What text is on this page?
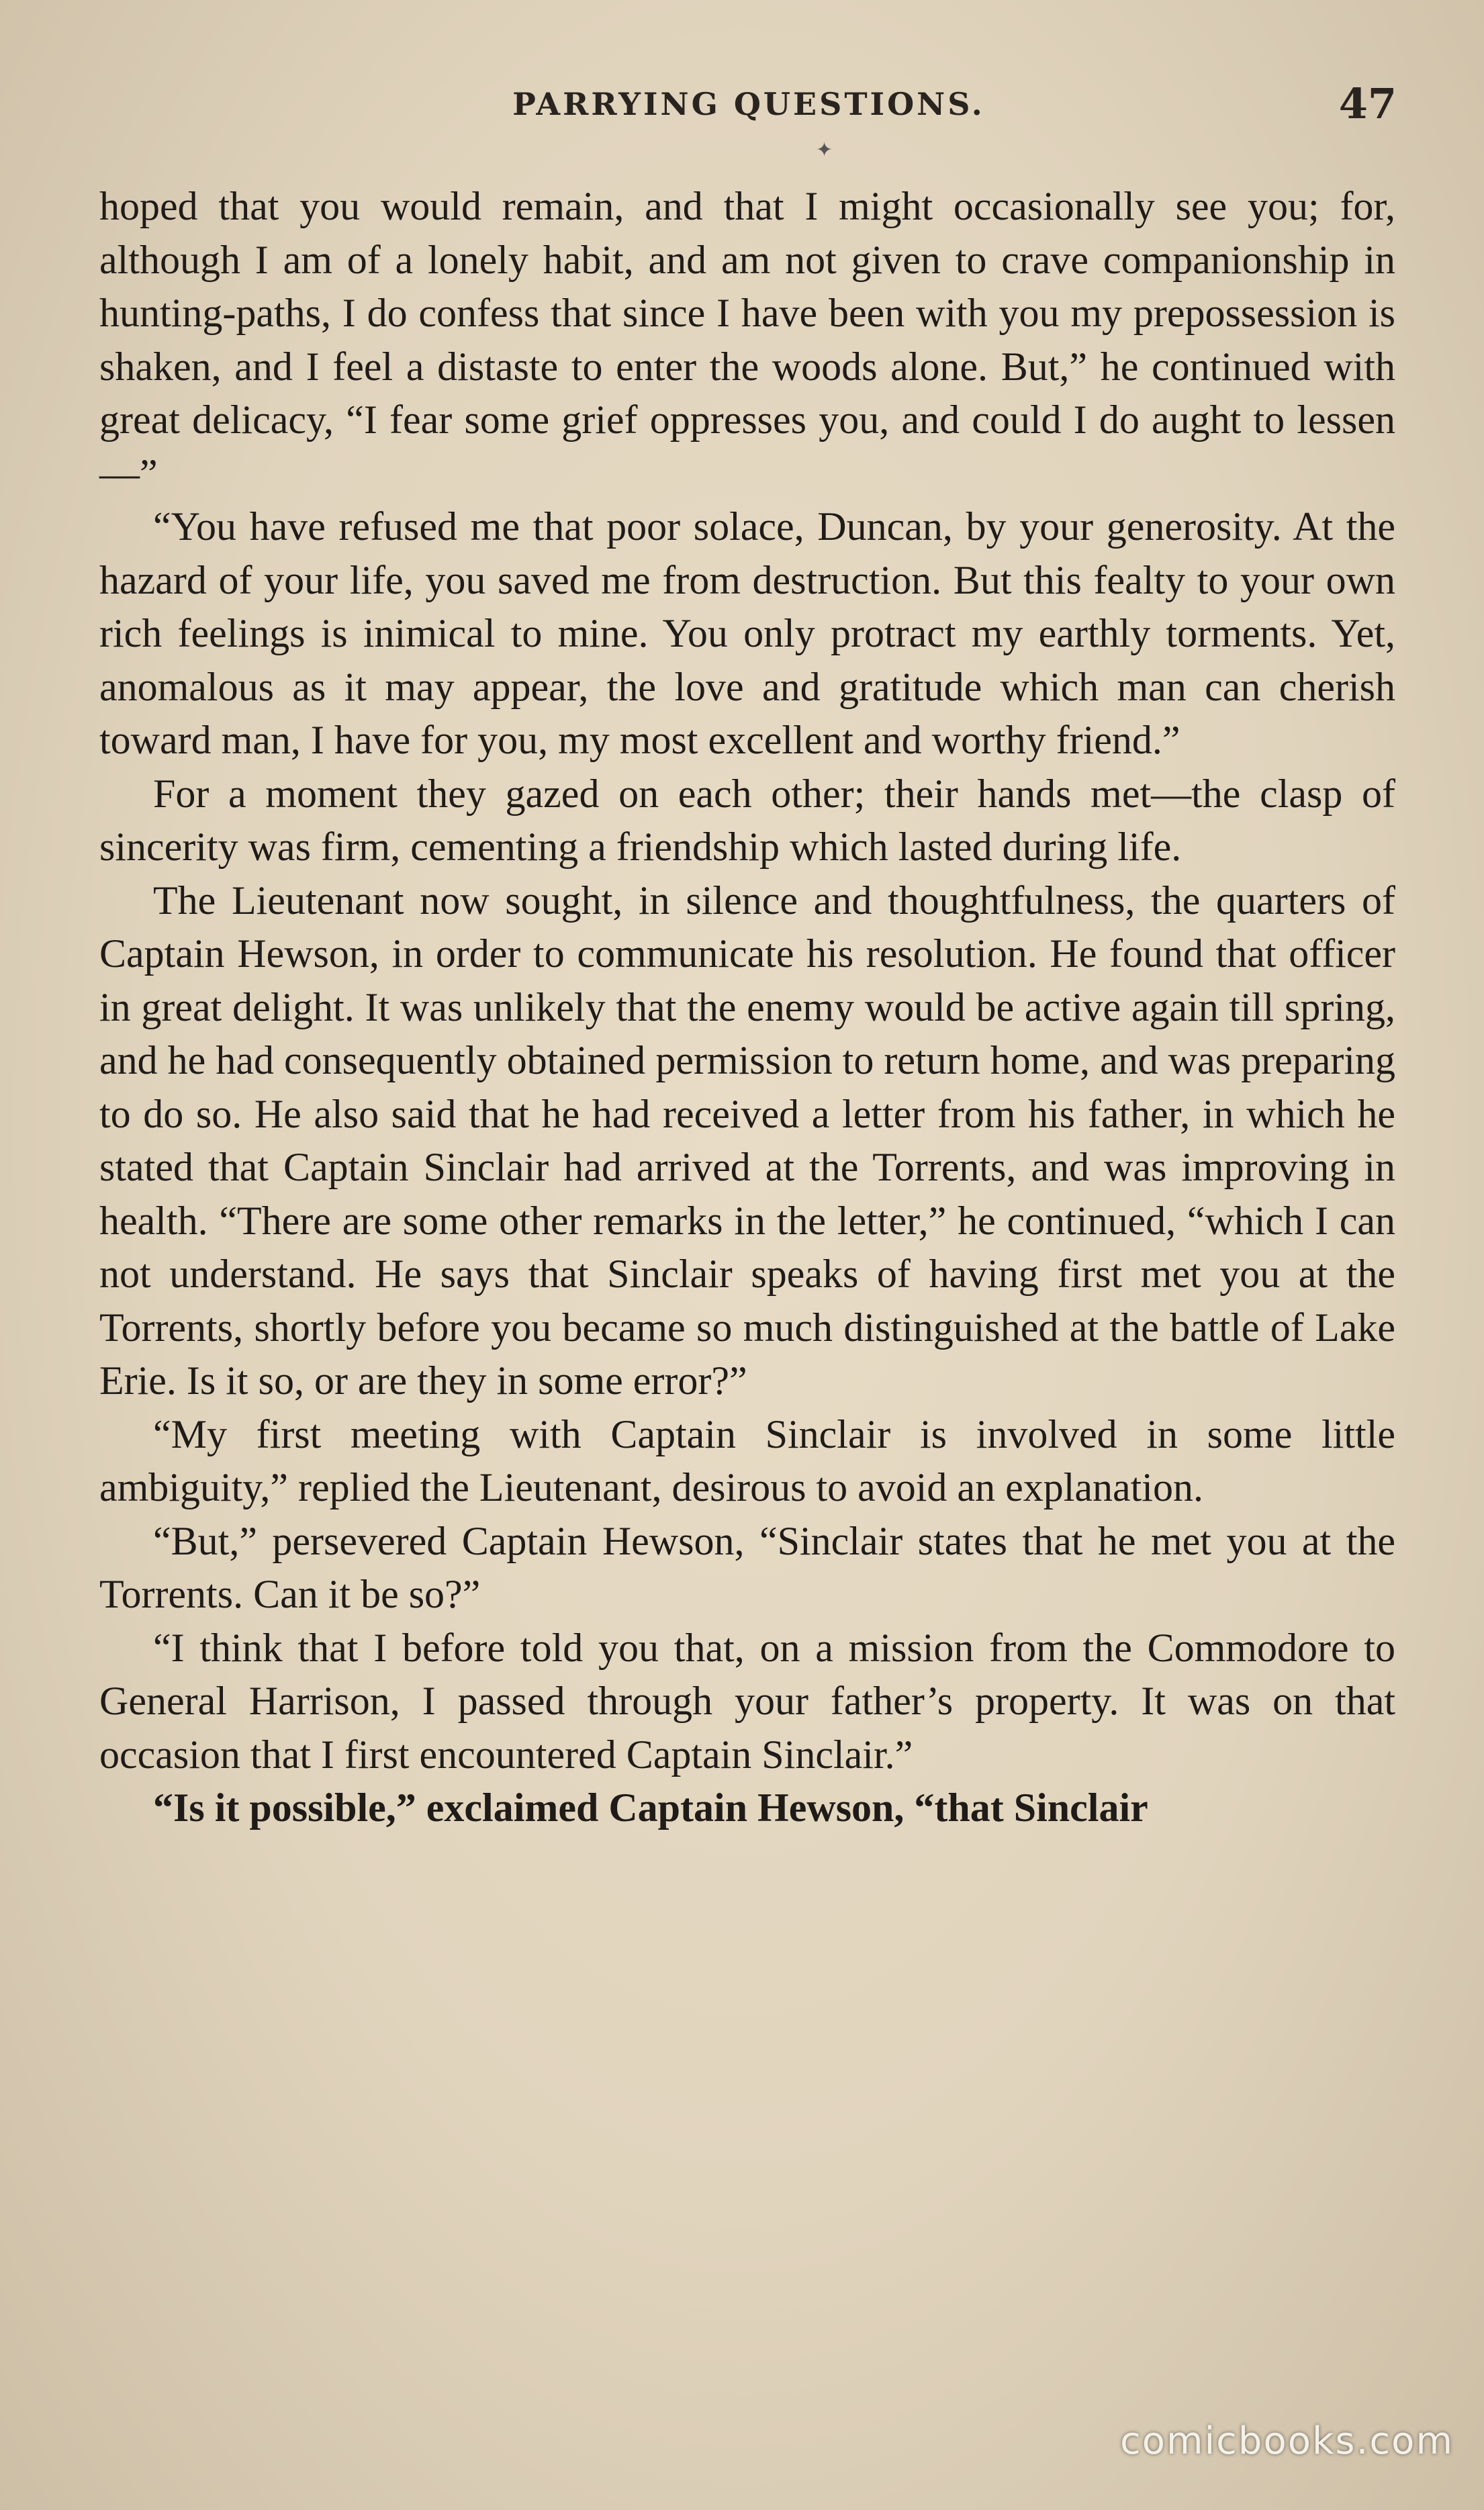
PARRYING QUESTIONS.	47
✦

hoped that you would remain, and that I might occasionally see you; for, although I am of a lonely habit, and am not given to crave companionship in hunting-paths, I do confess that since I have been with you my prepossession is shaken, and I feel a distaste to enter the woods alone. But,” he continued with great delicacy, “I fear some grief oppresses you, and could I do aught to lessen—”

“You have refused me that poor solace, Duncan, by your generosity. At the hazard of your life, you saved me from destruction. But this fealty to your own rich feelings is inimical to mine. You only protract my earthly torments. Yet, anomalous as it may appear, the love and gratitude which man can cherish toward man, I have for you, my most excellent and worthy friend.”

For a moment they gazed on each other; their hands met—the clasp of sincerity was firm, cementing a friendship which lasted during life.

The Lieutenant now sought, in silence and thoughtfulness, the quarters of Captain Hewson, in order to communicate his resolution. He found that officer in great delight. It was unlikely that the enemy would be active again till spring, and he had consequently obtained permission to return home, and was preparing to do so. He also said that he had received a letter from his father, in which he stated that Captain Sinclair had arrived at the Torrents, and was improving in health. “There are some other remarks in the letter,” he continued, “which I can not understand. He says that Sinclair speaks of having first met you at the Torrents, shortly before you became so much distinguished at the battle of Lake Erie. Is it so, or are they in some error?”

“My first meeting with Captain Sinclair is involved in some little ambiguity,” replied the Lieutenant, desirous to avoid an explanation.

“But,” persevered Captain Hewson, “Sinclair states that he met you at the Torrents. Can it be so?”

“I think that I before told you that, on a mission from the Commodore to General Harrison, I passed through your father’s property. It was on that occasion that I first encountered Captain Sinclair.”

“Is it possible,” exclaimed Captain Hewson, “that Sinclair

comicbooks.com
